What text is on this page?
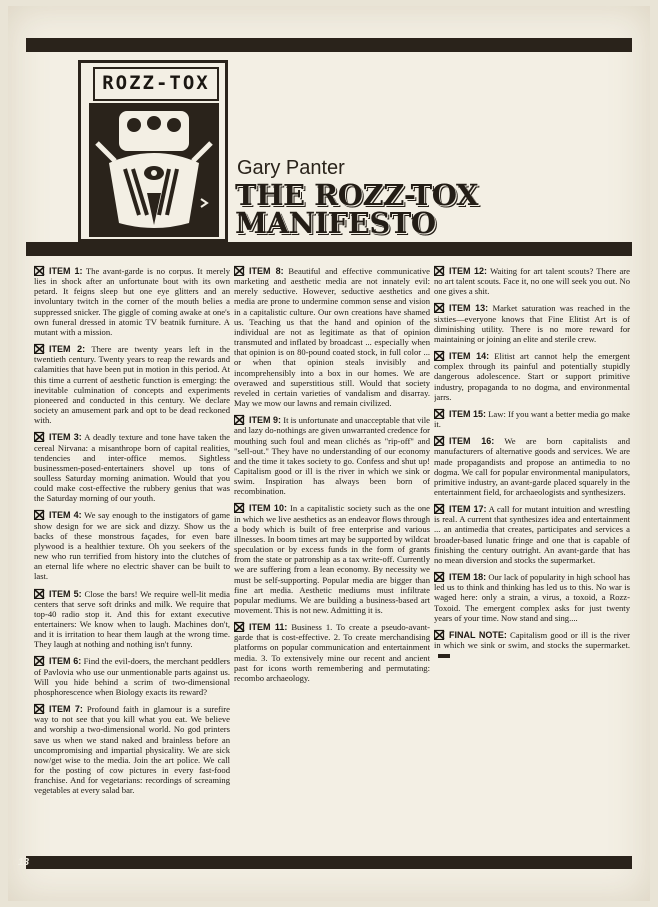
ROZZ-TOX
Gary Panter
THE ROZZ-TOX
MANIFESTO

ITEM 1: The avant-garde is no corpus. It merely lies in shock after an unfortunate bout with its own petard. It feigns sleep but one eye glitters and an involuntary twitch in the corner of the mouth belies a suppressed snicker. The giggle of coming awake at one's own funeral dressed in atomic TV beatnik furniture. A mutant with a mission.

ITEM 2: There are twenty years left in the twentieth century. Twenty years to reap the rewards and calamities that have been put in motion in this period. At this time a current of aesthetic function is emerging: the inevitable culmination of concepts and experiments pioneered and conducted in this century. We declare society an amusement park and opt to be dead reckoned with.

ITEM 3: A deadly texture and tone have taken the cereal Nirvana: a misanthrope born of capital realities, tendencies and inter-office memos. Sightless businessmen-posed-entertainers shovel up tons of soulless Saturday morning animation. Would that you could make cost-effective the rubbery genius that was the Saturday morning of our youth.

ITEM 4: We say enough to the instigators of game show design for we are sick and dizzy. Show us the backs of these monstrous façades, for even bare plywood is a healthier texture. Oh you seekers of the new who run terrified from history into the clutches of an eternal life where no electric shaver can be built to last.

ITEM 5: Close the bars! We require well-lit media centers that serve soft drinks and milk. We require that top-40 radio stop it. And this for extant executive entertainers: We know when to laugh. Machines don't, and it is irritation to hear them laugh at the wrong time. They laugh at nothing and nothing isn't funny.

ITEM 6: Find the evil-doers, the merchant peddlers of Pavlovia who use our unmentionable parts against us. Will you hide behind a scrim of two-dimensional phosphorescence when Biology exacts its reward?

ITEM 7: Profound faith in glamour is a surefire way to not see that you kill what you eat. We believe and worship a two-dimensional world. No god printers save us when we stand naked and brainless before an uncompromising and impartial physicality. We are sick now/get wise to the media. Join the art police. We call for the posting of cow pictures in every fast-food franchise. And for vegetarians: recordings of screaming vegetables at every salad bar.

ITEM 8: Beautiful and effective communicative marketing and aesthetic media are not innately evil: merely seductive. However, seductive aesthetics and media are prone to undermine common sense and vision in a capitalistic culture. Our own creations have shamed us. Teaching us that the hand and opinion of the individual are not as legitimate as that of opinion transmuted and inflated by broadcast ... especially when that opinion is on 80-pound coated stock, in full color ... or when that opinion steals invisibly and incomprehensibly into a box in our homes. We are overawed and superstitious still. Would that society reveled in certain varieties of vandalism and disarray. May we mow our lawns and remain civilized.

ITEM 9: It is unfortunate and unacceptable that vile and lazy do-nothings are given unwarranted credence for mouthing such foul and mean clichés as "rip-off" and "sell-out." They have no understanding of our economy and the time it takes society to go. Confess and shut up! Capitalism good or ill is the river in which we sink or swim. Inspiration has always been born of recombination.

ITEM 10: In a capitalistic society such as the one in which we live aesthetics as an endeavor flows through a body which is built of free enterprise and various illnesses. In boom times art may be supported by wildcat speculation or by excess funds in the form of grants from the state or patronship as a tax write-off. Currently we are suffering from a lean economy. By necessity we must be self-supporting. Popular media are bigger than fine art media. Aesthetic mediums must infiltrate popular mediums. We are building a business-based art movement. This is not new. Admitting it is.

ITEM 11: Business 1. To create a pseudo-avant-garde that is cost-effective. 2. To create merchandising platforms on popular communication and entertainment media. 3. To extensively mine our recent and ancient past for icons worth remembering and permutating: recombo archaeology.

ITEM 12: Waiting for art talent scouts? There are no art talent scouts. Face it, no one will seek you out. No one gives a shit.

ITEM 13: Market saturation was reached in the sixties—everyone knows that Fine Elitist Art is of diminishing utility. There is no more reward for maintaining or joining an elite and sterile crew.

ITEM 14: Elitist art cannot help the emergent complex through its painful and potentially stupidly dangerous adolescence. Start or support primitive industry, propaganda to no dogma, and environmental jarrs.

ITEM 15: Law: If you want a better media go make it.

ITEM 16: We are born capitalists and manufacturers of alternative goods and services. We are made propagandists and propose an antimedia to no dogma. We call for popular environmental manipulators, primitive industry, an avant-garde placed squarely in the entertainment field, for archaeologists and synthesizers.

ITEM 17: A call for mutant intuition and wrestling is real. A current that synthesizes idea and entertainment ... an antimedia that creates, participates and services a broader-based lunatic fringe and one that is capable of finishing the century outright. An avant-garde that has no mean diversion and stocks the supermarket.

ITEM 18: Our lack of popularity in high school has led us to think and thinking has led us to this. No war is waged here: only a strain, a virus, a toxoid, a Rozz-Toxoid. The emergent complex asks for just twenty years of your time. Now stand and sing....

FINAL NOTE: Capitalism good or ill is the river in which we sink or swim, and stocks the supermarket.

13
